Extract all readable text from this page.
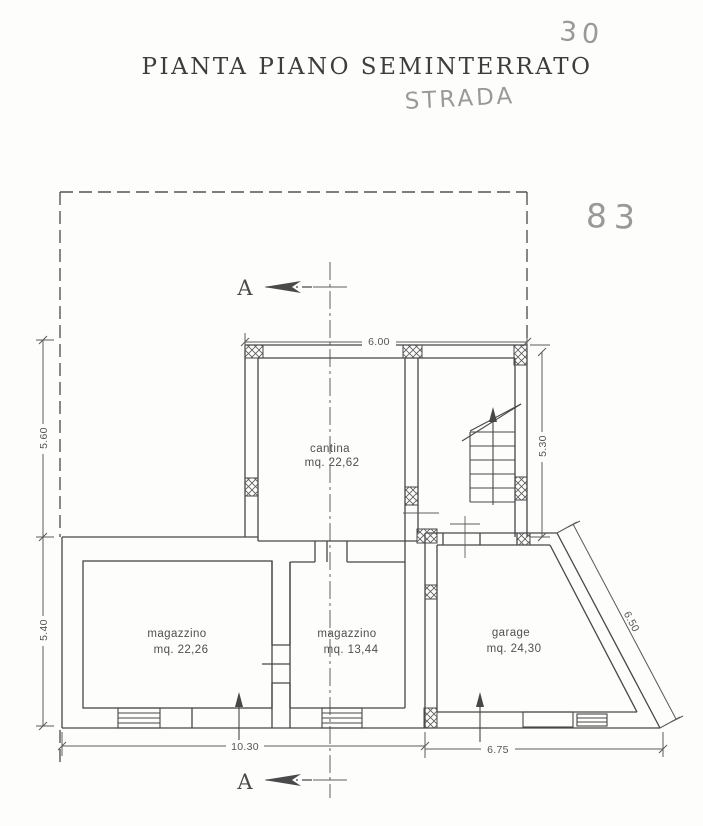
PIANTA PIANO SEMINTERRATO
30
STRADA
83
A
A
6.00
5.60
5.40
5.30
6.50
10.30	6.75
cantina
mq. 22,62
magazzino
mq. 22,26
magazzino
mq. 13,44
garage
mq. 24,30
